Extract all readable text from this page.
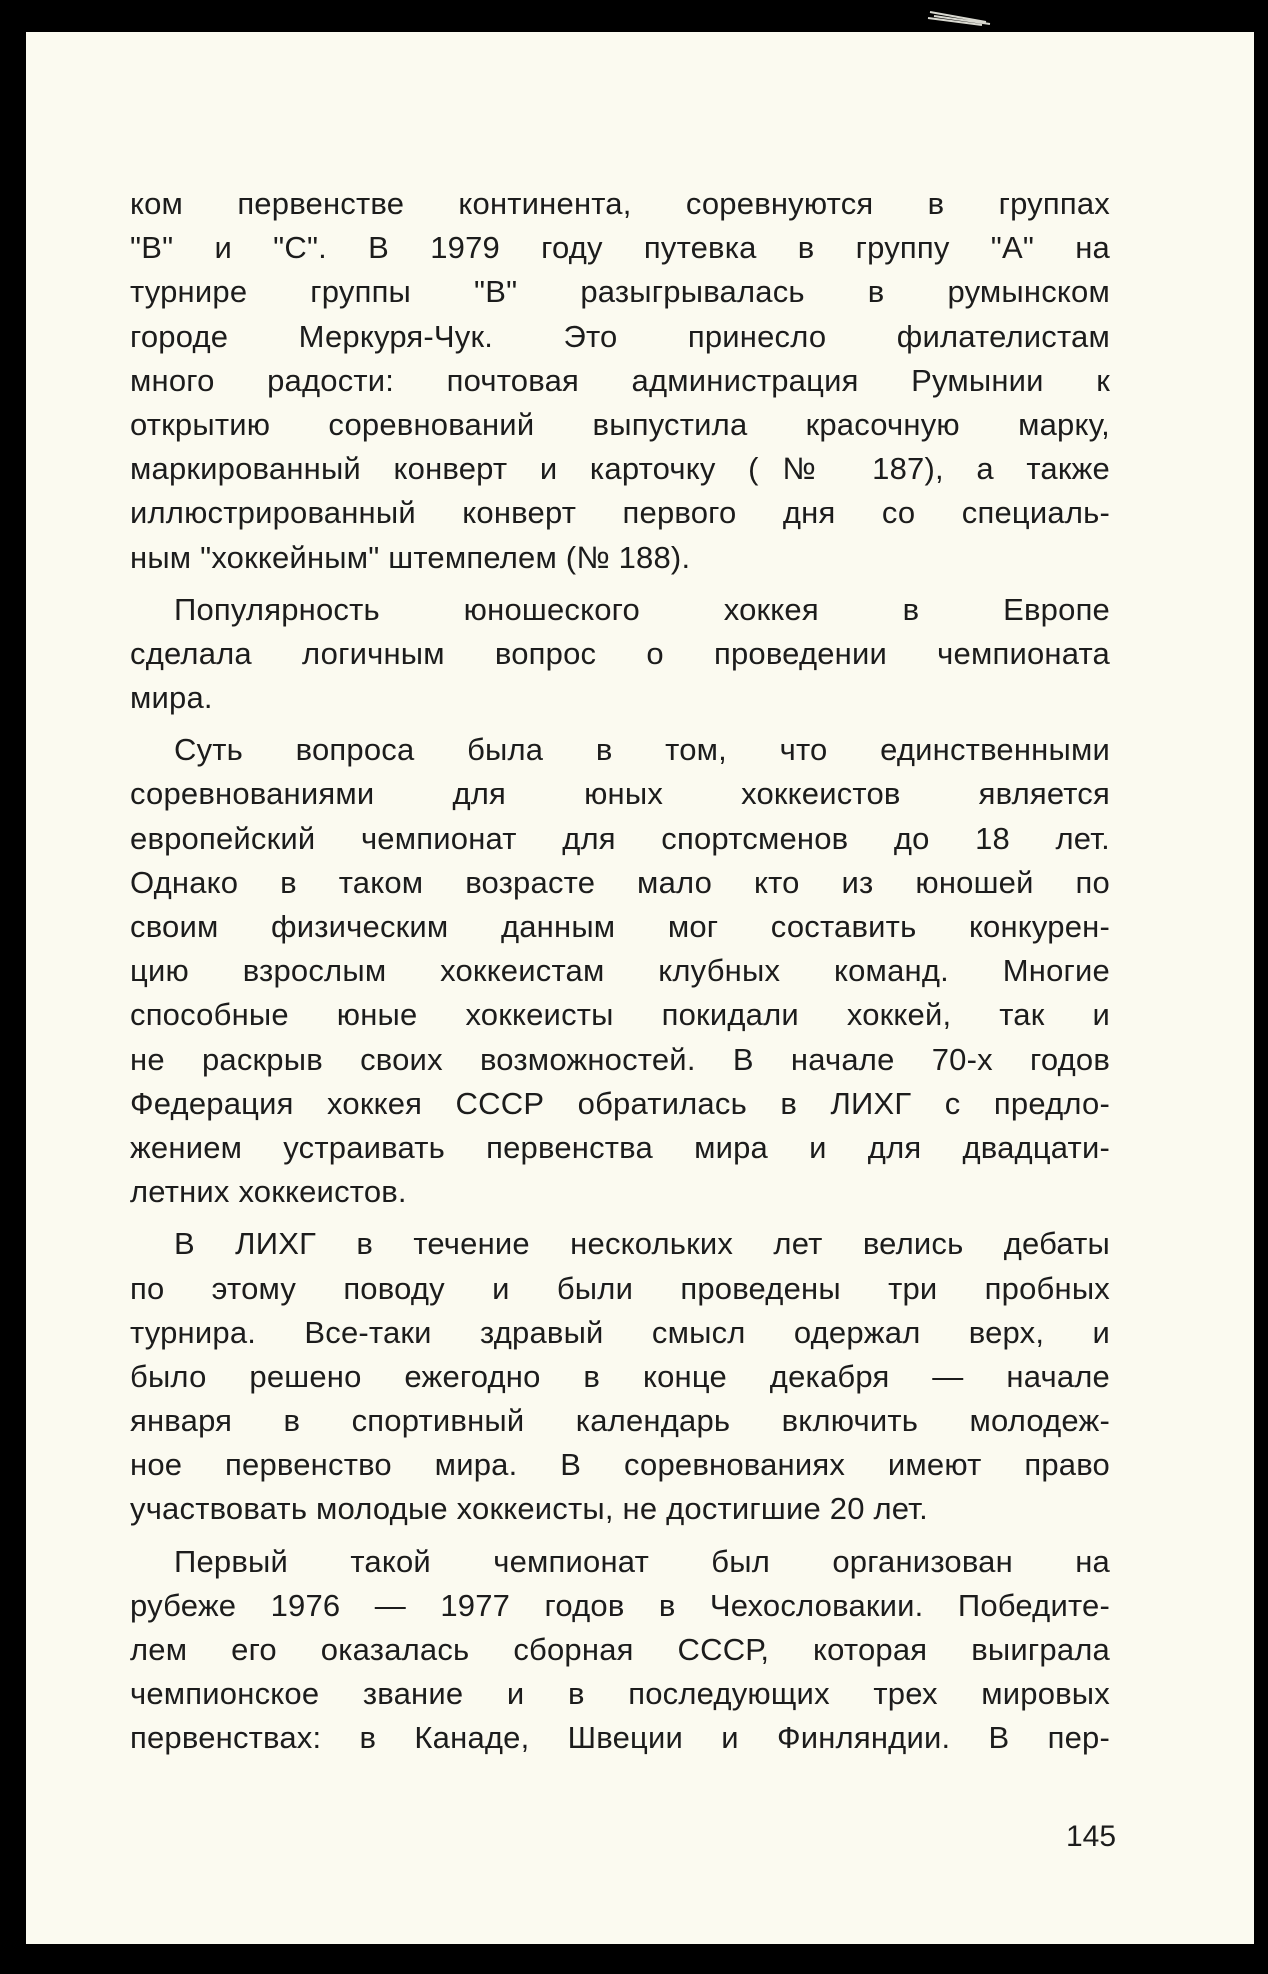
ком первенстве континента, соревнуются в группах
"В" и "С". В 1979 году путевка в группу "А" на
турнире группы "В" разыгрывалась в румынском
городе Меркуря-Чук. Это принесло филателистам
много радости: почтовая администрация Румынии к
открытию соревнований выпустила красочную марку,
маркированный конверт и карточку (№ 187), а также
иллюстрированный конверт первого дня со специаль-
ным "хоккейным" штемпелем (№ 188).
Популярность юношеского хоккея в Европе
сделала логичным вопрос о проведении чемпионата
мира.
Суть вопроса была в том, что единственными
соревнованиями для юных хоккеистов является
европейский чемпионат для спортсменов до 18 лет.
Однако в таком возрасте мало кто из юношей по
своим физическим данным мог составить конкурен-
цию взрослым хоккеистам клубных команд. Многие
способные юные хоккеисты покидали хоккей, так и
не раскрыв своих возможностей. В начале 70-х годов
Федерация хоккея СССР обратилась в ЛИХГ с предло-
жением устраивать первенства мира и для двадцати-
летних хоккеистов.
В ЛИХГ в течение нескольких лет велись дебаты
по этому поводу и были проведены три пробных
турнира. Все-таки здравый смысл одержал верх, и
было решено ежегодно в конце декабря — начале
января в спортивный календарь включить молодеж-
ное первенство мира. В соревнованиях имеют право
участвовать молодые хоккеисты, не достигшие 20 лет.
Первый такой чемпионат был организован на
рубеже 1976 — 1977 годов в Чехословакии. Победите-
лем его оказалась сборная СССР, которая выиграла
чемпионское звание и в последующих трех мировых
первенствах: в Канаде, Швеции и Финляндии. В пер-
145
